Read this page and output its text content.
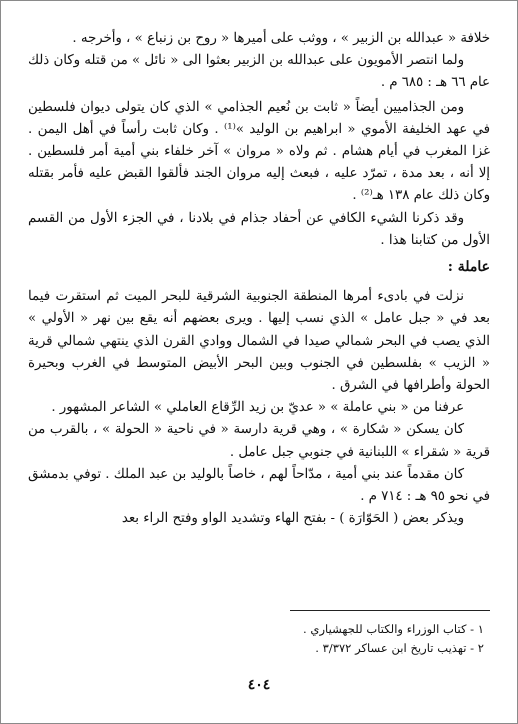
خلافة « عبدالله بن الزبير » ، ووثب على أميرها « روح بن زنباع » ، وأخرجه .

ولما انتصر الأمويون على عبدالله بن الزبير بعثوا الى « نائل » من قتله وكان ذلك عام ٦٦ هـ : ٦٨٥ م .

ومن الجذاميين أيضاً « ثابت بن نُعيم الجذامي » الذي كان يتولى ديوان فلسطين في عهد الخليفة الأموي « ابراهيم بن الوليد »⁽¹⁾ . وكان ثابت رأساً في أهل اليمن . غزا المغرب في أيام هشام . ثم ولاه « مروان » آخر خلفاء بني أمية أمر فلسطين . إلا أنه ، بعد مدة ، تمرّد عليه ، فبعث إليه مروان الجند فألقوا القبض عليه فأمر بقتله وكان ذلك عام ١٣٨ هـ⁽²⁾ .

وقد ذكرنا الشيء الكافي عن أحفاد جذام في بلادنا ، في الجزء الأول من القسم الأول من كتابنا هذا .

عاملة :

نزلت في بادىء أمرها المنطقة الجنوبية الشرقية للبحر الميت ثم استقرت فيما بعد في « جبل عامل » الذي نسب إليها . ويرى بعضهم أنه يقع بين نهر « الأولي » الذي يصب في البحر شمالي صيدا في الشمال ووادي القرن الذي ينتهي شمالي قرية « الزيب » بفلسطين في الجنوب وبين البحر الأبيض المتوسط في الغرب وبحيرة الحولة وأطرافها في الشرق .

عرفنا من « بني عاملة » « عديّ بن زيد الرِّقاع العاملي » الشاعر المشهور .

كان يسكن « شكارة » ، وهي قرية دارسة « في ناحية « الحولة » ، بالقرب من قرية « شقراء » اللبنانية في جنوبي جبل عامل .

كان مقدماً عند بني أمية ، مدّاحاً لهم ، خاصاً بالوليد بن عبد الملك . توفي بدمشق في نحو ٩٥ هـ : ٧١٤ م .

ويذكر بعض ( الحَوّارَة ) - بفتح الهاء وتشديد الواو وفتح الراء بعد

١ - كتاب الوزراء والكتاب للجهشياري .
٢ - تهذيب تاريخ ابن عساكر ٣/٣٧٢ .
٤٠٤
